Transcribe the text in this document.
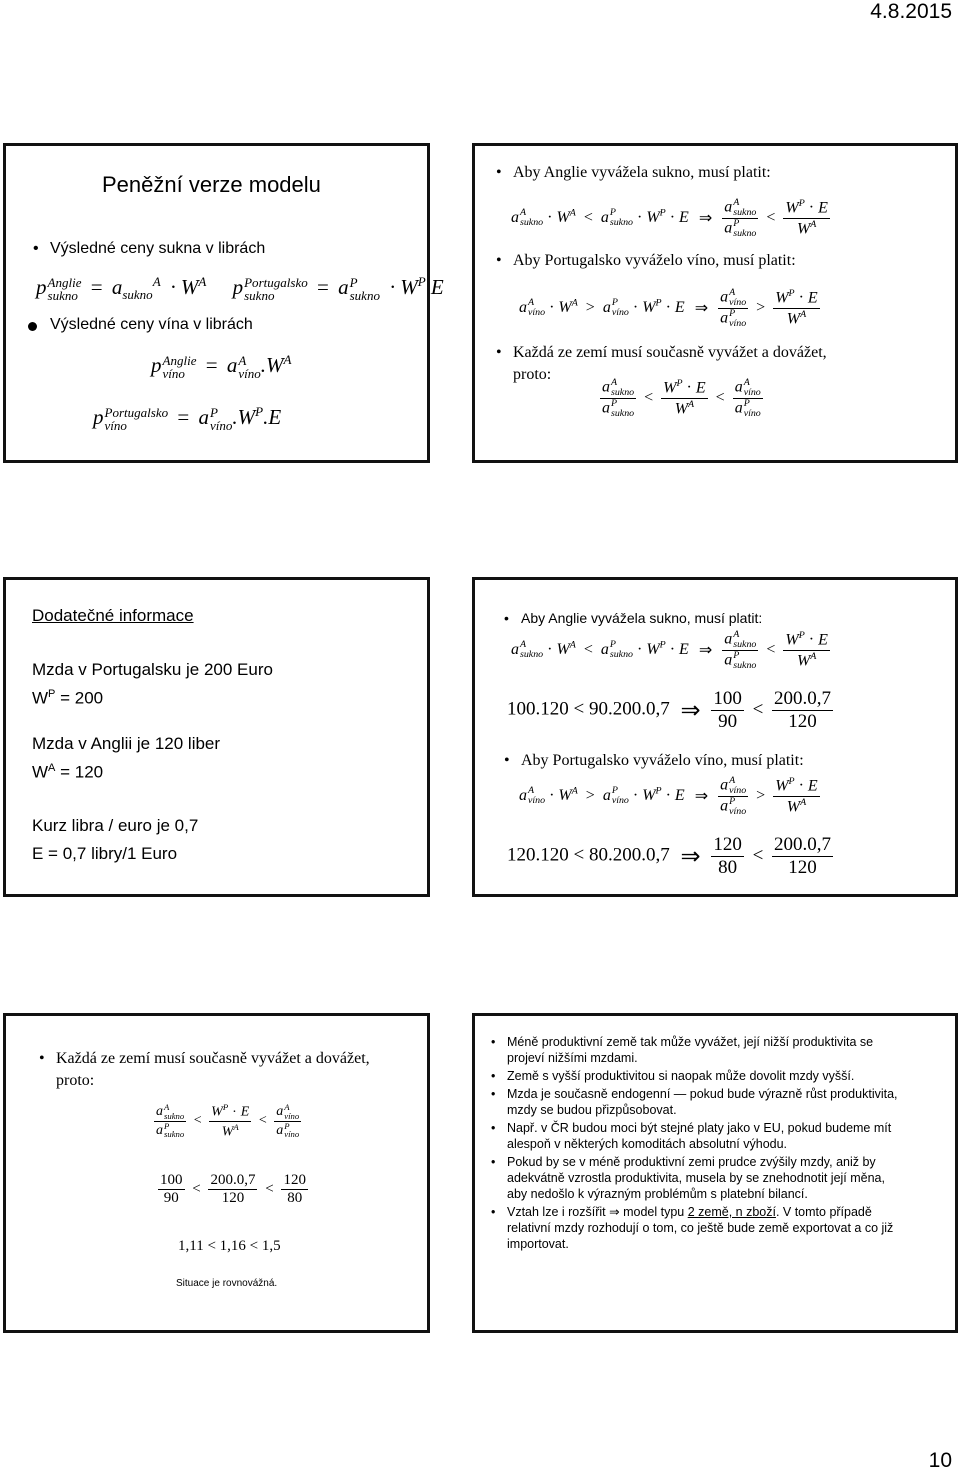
4.8.2015
Peněžní verze modelu
• Výsledné ceny sukna v librách
p Anglie
sukno = $a_{sukno}^A \cdot W^A$ p Portugalsko
sukno	= a P
sukno · $W^P$ E
Výsledné ceny vína v librách
p Anglie
víno = a A
víno $.W^A$
p Portugalsko
víno	= a P
víno $.W^P.E$
• Aby Anglie vyvážela sukno, musí platit:
a A
sukno · $W^A < a$ P
sukno · $W^P \cdot E$ ⇒ a A
sukno
a P
sukno < $\frac{W^P \cdot E}{W^A}$
• Aby Portugalsko vyváželo víno, musí platit:
a A
víno · $W^A > a$ P
víno · $W^P \cdot E$ ⇒ a A
víno
a P
víno > $\frac{W^P \cdot E}{W^A}$
• Každá ze zemí musí současně vyvážet a dovážet,
proto:
a A
sukno
a P
sukno < $\frac{W^P \cdot E}{W^A} < a$ A
víno
a P
víno
Dodatečné informace
Mzda v Portugalsku je 200 Euro
$W^P = 200$
Mzda v Anglii je 120 liber
$W^A = 120$
Kurz libra / euro je 0,7
E = 0,7 libry/1 Euro
• Aby Anglie vyvážela sukno, musí platit:
a A
sukno · $W^A < a$ P
sukno · $W^P \cdot E$ ⇒ a A
sukno
a P
sukno < $\frac{W^P \cdot E}{W^A}$
100.120 < 90.200.0,7 ⇒ $\frac{100}{90} < \frac{200.0,7}{120}$
• Aby Portugalsko vyváželo víno, musí platit:
a A
víno · $W^A > a$ P
víno · $W^P \cdot E$ ⇒ a A
víno
a P
víno > $\frac{W^P \cdot E}{W^A}$
120.120 < 80.200.0,7 ⇒ $\frac{120}{80} < \frac{200.0,7}{120}$
• Každá ze zemí musí současně vyvážet a dovážet,
proto:
a A
sukno
a P
sukno < $\frac{W^P \cdot E}{W^A} < a$ A
víno
a P
víno
$\frac{100}{90} < \frac{200.0,7}{120} < \frac{120}{80}$
1,11 < 1,16 < 1,5
Situace je rovnovážná.
• Méně produktivní země tak může vyvážet, její nižší produktivita se projeví nižšími mzdami.

• Země s vyšší produktivitou si naopak může dovolit mzdy vyšší.

• Mzda je současně endogenní — pokud bude výrazně růst produktivita, mzdy se budou přizpůsobovat.

• Např. v ČR budou moci být stejné platy jako v EU, pokud budeme mít alespoň v některých komoditách absolutní výhodu.

• Pokud by se v méně produktivní zemi prudce zvýšily mzdy, aniž by adekvátně vzrostla produktivita, musela by se znehodnotit její měna, aby nedošlo k výrazným problémům s platební bilancí.

• Vztah lze i rozšířit ⇒ model typu 2 země, n zboží. V tomto případě relativní mzdy rozhodují o tom, co ještě bude země exportovat a co již importovat.

10
